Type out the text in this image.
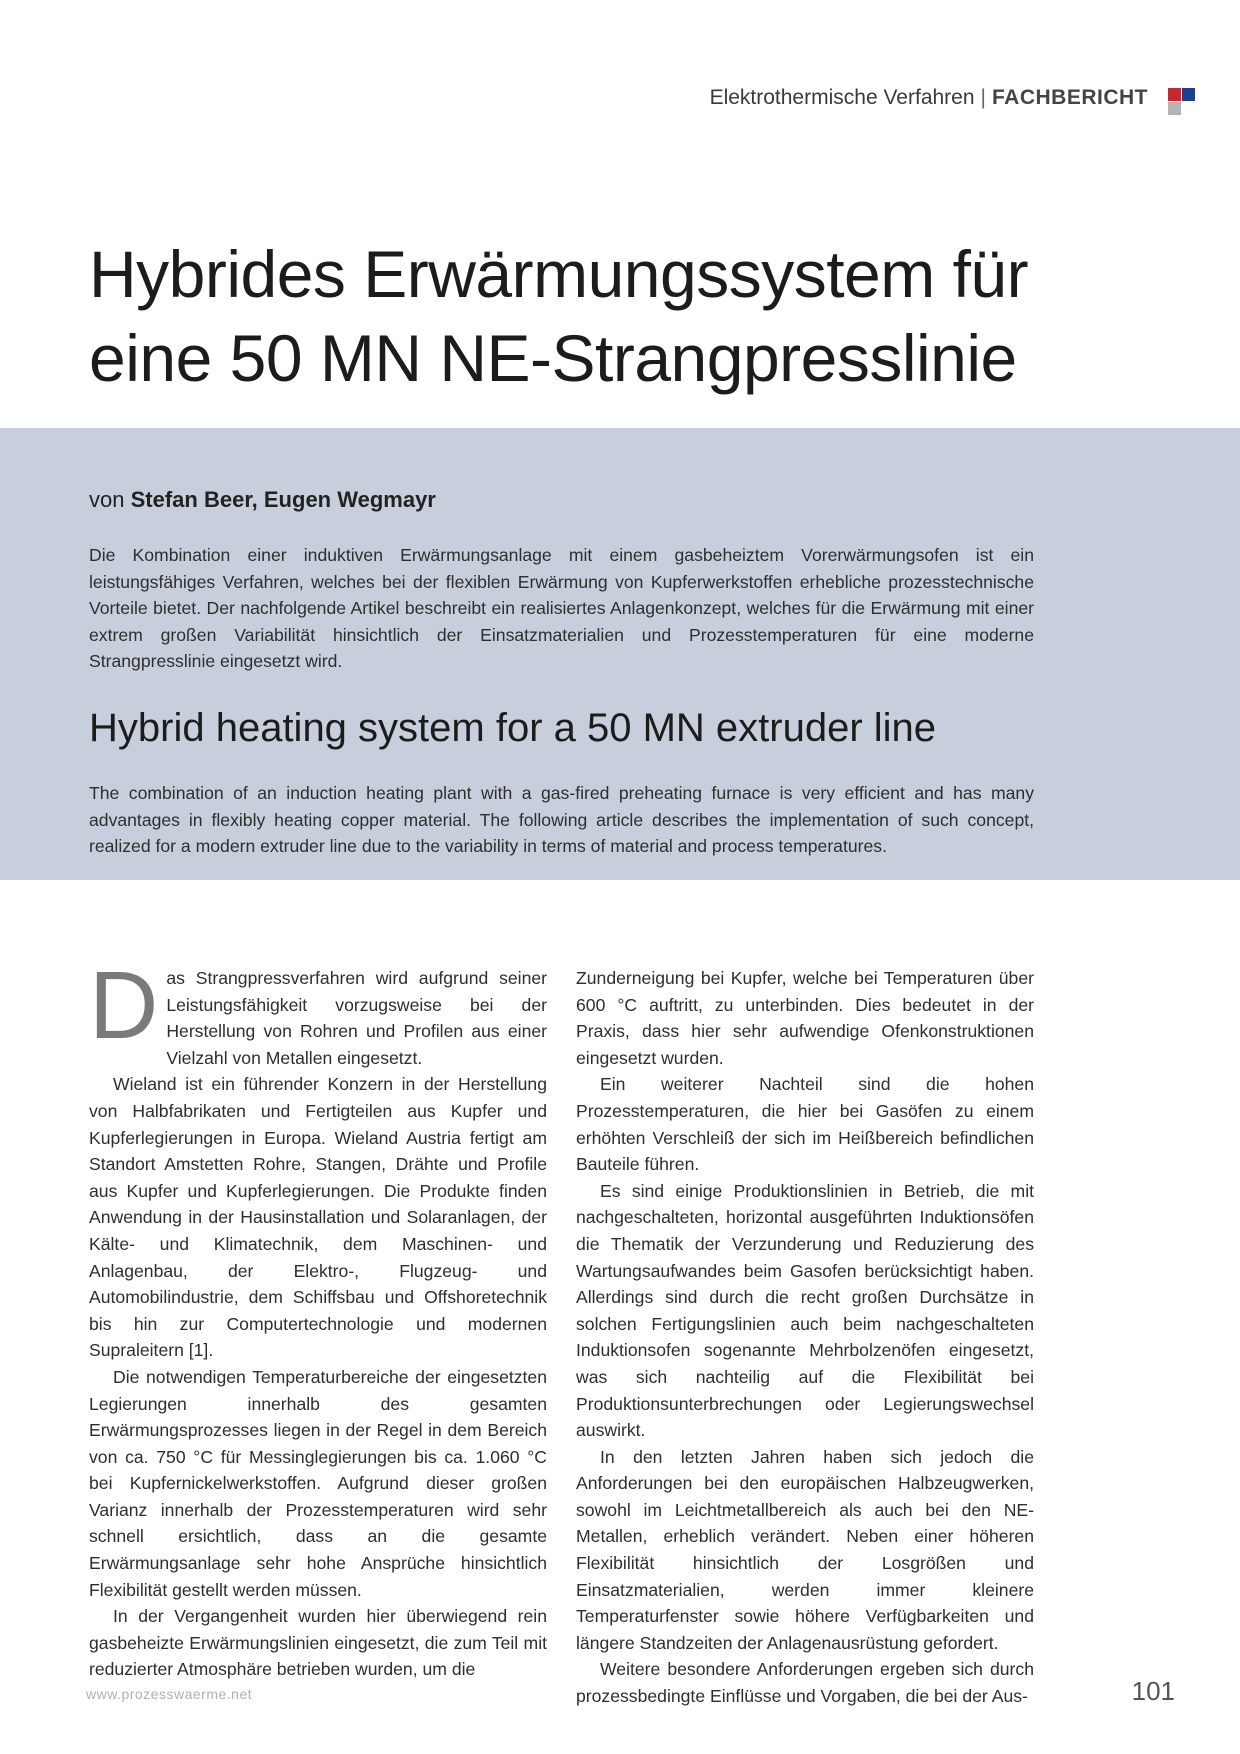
Elektrothermische Verfahren | FACHBERICHT
Hybrides Erwärmungssystem für
eine 50 MN NE-Strangpresslinie
von Stefan Beer, Eugen Wegmayr

Die Kombination einer induktiven Erwärmungsanlage mit einem gasbeheiztem Vorerwärmungsofen ist ein leistungsfähiges Verfahren, welches bei der flexiblen Erwärmung von Kupferwerkstoffen erhebliche prozesstechnische Vorteile bietet. Der nachfolgende Artikel beschreibt ein realisiertes Anlagenkonzept, welches für die Erwärmung mit einer extrem großen Variabilität hinsichtlich der Einsatzmaterialien und Prozesstemperaturen für eine moderne Strangpresslinie eingesetzt wird.

Hybrid heating system for a 50 MN extruder line

The combination of an induction heating plant with a gas-fired preheating furnace is very efficient and has many advantages in flexibly heating copper material. The following article describes the implementation of such concept, realized for a modern extruder line due to the variability in terms of material and process temperatures.

Das Strangpressverfahren wird aufgrund seiner Leistungsfähigkeit vorzugsweise bei der Herstellung von Rohren und Profilen aus einer Vielzahl von Metallen eingesetzt.

Wieland ist ein führender Konzern in der Herstellung von Halbfabrikaten und Fertigteilen aus Kupfer und Kupferlegierungen in Europa. Wieland Austria fertigt am Standort Amstetten Rohre, Stangen, Drähte und Profile aus Kupfer und Kupferlegierungen. Die Produkte finden Anwendung in der Hausinstallation und Solaranlagen, der Kälte- und Klimatechnik, dem Maschinen- und Anlagenbau, der Elektro-, Flugzeug- und Automobilindustrie, dem Schiffsbau und Offshoretechnik bis hin zur Computertechnologie und modernen Supraleitern [1].

Die notwendigen Temperaturbereiche der eingesetzten Legierungen innerhalb des gesamten Erwärmungsprozesses liegen in der Regel in dem Bereich von ca. 750 °C für Messinglegierungen bis ca. 1.060 °C bei Kupfernickelwerkstoffen. Aufgrund dieser großen Varianz innerhalb der Prozesstemperaturen wird sehr schnell ersichtlich, dass an die gesamte Erwärmungsanlage sehr hohe Ansprüche hinsichtlich Flexibilität gestellt werden müssen.

In der Vergangenheit wurden hier überwiegend rein gasbeheizte Erwärmungslinien eingesetzt, die zum Teil mit reduzierter Atmosphäre betrieben wurden, um die

Zunderneigung bei Kupfer, welche bei Temperaturen über 600 °C auftritt, zu unterbinden. Dies bedeutet in der Praxis, dass hier sehr aufwendige Ofenkonstruktionen eingesetzt wurden.

Ein weiterer Nachteil sind die hohen Prozesstemperaturen, die hier bei Gasöfen zu einem erhöhten Verschleiß der sich im Heißbereich befindlichen Bauteile führen.

Es sind einige Produktionslinien in Betrieb, die mit nachgeschalteten, horizontal ausgeführten Induktionsöfen die Thematik der Verzunderung und Reduzierung des Wartungsaufwandes beim Gasofen berücksichtigt haben. Allerdings sind durch die recht großen Durchsätze in solchen Fertigungslinien auch beim nachgeschalteten Induktionsofen sogenannte Mehrbolzenöfen eingesetzt, was sich nachteilig auf die Flexibilität bei Produktionsunterbrechungen oder Legierungswechsel auswirkt.

In den letzten Jahren haben sich jedoch die Anforderungen bei den europäischen Halbzeugwerken, sowohl im Leichtmetallbereich als auch bei den NE-Metallen, erheblich verändert. Neben einer höheren Flexibilität hinsichtlich der Losgrößen und Einsatzmaterialien, werden immer kleinere Temperaturfenster sowie höhere Verfügbarkeiten und längere Standzeiten der Anlagenausrüstung gefordert.

Weitere besondere Anforderungen ergeben sich durch prozessbedingte Einflüsse und Vorgaben, die bei der Aus-

www.prozesswaerme.net	101
